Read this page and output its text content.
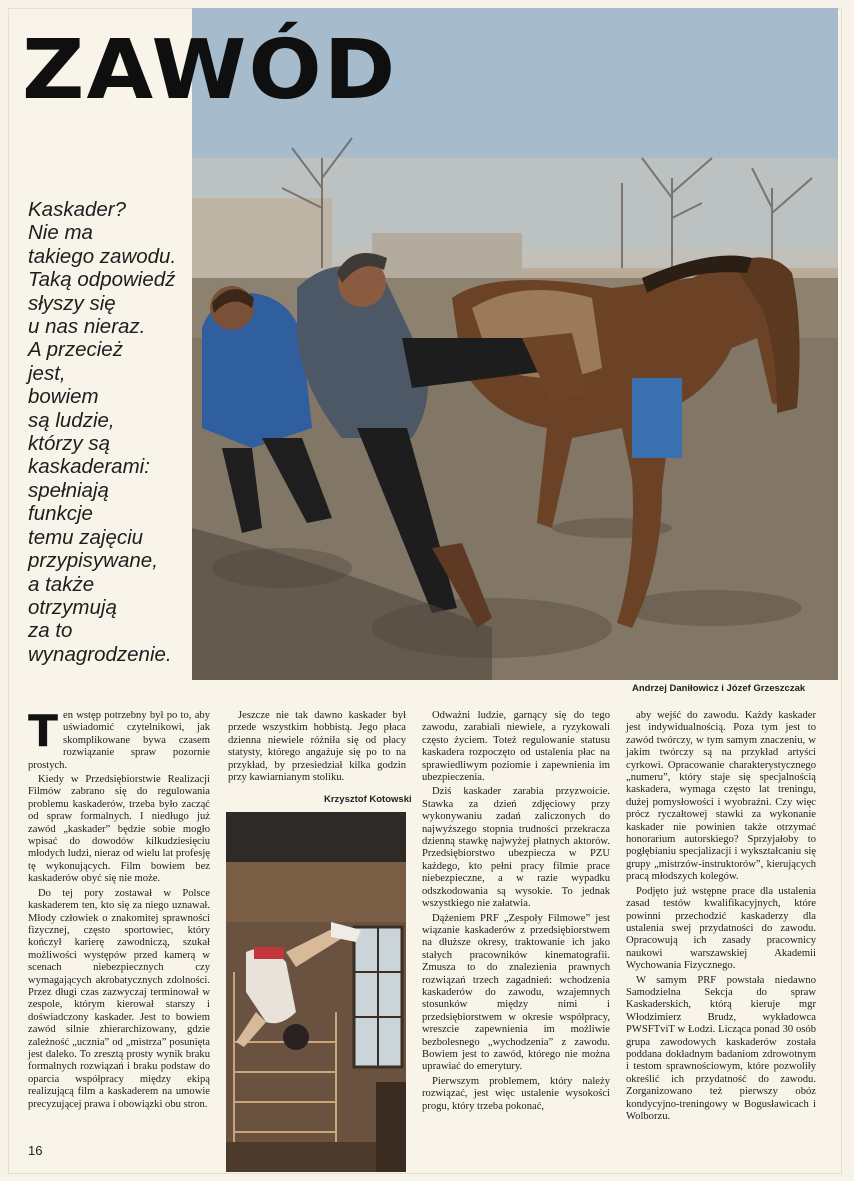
ZAWÓD
Kaskader?
Nie ma
takiego zawodu.
Taką odpowiedź
słyszy się
u nas nieraz.
A przecież
jest,
bowiem
są ludzie,
którzy są
kaskaderami:
spełniają
funkcje
temu zajęciu
przypisywane,
a także
otrzymują
za to
wynagrodzenie.
Andrzej Daniłowicz i Józef Grzeszczak

Ten wstęp potrzebny był po to, aby uświadomić czytelnikowi, jak skomplikowane bywa czasem rozwiązanie spraw pozornie prostych.

Kiedy w Przedsiębiorstwie Realizacji Filmów zabrano się do regulowania problemu kaskaderów, trzeba było zacząć od spraw formalnych. I niedługo już zawód „kaskader” będzie sobie mogło wpisać do dowodów kilkudziesięciu młodych ludzi, nieraz od wielu lat profesję tę wykonujących. Film bowiem bez kaskaderów obyć się nie może.

Do tej pory zostawał w Polsce kaskaderem ten, kto się za niego uznawał. Młody człowiek o znakomitej sprawności fizycznej, często sportowiec, który kończył karierę zawodniczą, szukał możliwości występów przed kamerą w scenach niebezpiecznych czy wymagających akrobatycznych zdolności. Przez długi czas zazwyczaj terminował w zespole, którym kierował starszy i doświadczony kaskader. Jest to bowiem zawód silnie zhierarchizowany, gdzie zależność „ucznia” od „mistrza” posunięta jest daleko. To zresztą prosty wynik braku formalnych rozwiązań i braku podstaw do oparcia współpracy między ekipą realizującą film a kaskaderem na umowie precyzującej prawa i obowiązki obu stron.

Jeszcze nie tak dawno kaskader był przede wszystkim hobbistą. Jego płaca dzienna niewiele różniła się od płacy statysty, którego angażuje się po to na przykład, by przesiedział kilka godzin przy kawiarnianym stoliku.

Krzysztof Kotowski

Odważni ludzie, garnący się do tego zawodu, zarabiali niewiele, a ryzykowali często życiem. Toteż regulowanie statusu kaskadera rozpoczęto od ustalenia płac na sprawiedliwym poziomie i zapewnienia im ubezpieczenia.

Dziś kaskader zarabia przyzwoicie. Stawka za dzień zdjęciowy przy wykonywaniu zadań zaliczonych do najwyższego stopnia trudności przekracza dzienną stawkę najwyżej płatnych aktorów. Przedsiębiorstwo ubezpiecza w PZU każdego, kto pełni pracy filmie prace niebezpieczne, a w razie wypadku odszkodowania są wysokie. To jednak wszystkiego nie załatwia.

Dążeniem PRF „Zespoły Filmowe” jest wiązanie kaskaderów z przedsiębiorstwem na dłuższe okresy, traktowanie ich jako stałych pracowników kinematografii. Zmusza to do znalezienia prawnych rozwiązań trzech zagadnień: wchodzenia kaskaderów do zawodu, wzajemnych stosunków między nimi i przedsiębiorstwem w okresie współpracy, wreszcie zapewnienia im możliwie bezbolesnego „wychodzenia” z zawodu. Bowiem jest to zawód, którego nie można uprawiać do emerytury.

Pierwszym problemem, który należy rozwiązać, jest więc ustalenie wysokości progu, który trzeba pokonać,

aby wejść do zawodu. Każdy kaskader jest indywidualnością. Poza tym jest to zawód twórczy, w tym samym znaczeniu, w jakim twórczy są na przykład artyści cyrkowi. Opracowanie charakterystycznego „numeru”, który staje się specjalnością kaskadera, wymaga często lat treningu, dużej pomysłowości i wyobraźni. Czy więc prócz ryczałtowej stawki za wykonanie kaskader nie powinien także otrzymać honorarium autorskiego? Sprzyjałoby to pogłębianiu specjalizacji i wykształcaniu się grupy „mistrzów-instruktorów”, kierujących pracą młodszych kolegów.

Podjęto już wstępne prace dla ustalenia zasad testów kwalifikacyjnych, które powinni przechodzić kaskaderzy dla ustalenia swej przydatności do zawodu. Opracowują ich zasady pracownicy naukowi warszawskiej Akademii Wychowania Fizycznego.

W samym PRF powstała niedawno Samodzielna Sekcja do spraw Kaskaderskich, którą kieruje mgr Włodzimierz Brudz, wykładowca PWSFTviT w Łodzi. Licząca ponad 30 osób grupa zawodowych kaskaderów została poddana dokładnym badaniom zdrowotnym i testom sprawnościowym, które pozwoliły określić ich przydatność do zawodu. Zorganizowano też pierwszy obóz kondycyjno-treningowy w Bogusławicach i Wolborzu.

16
